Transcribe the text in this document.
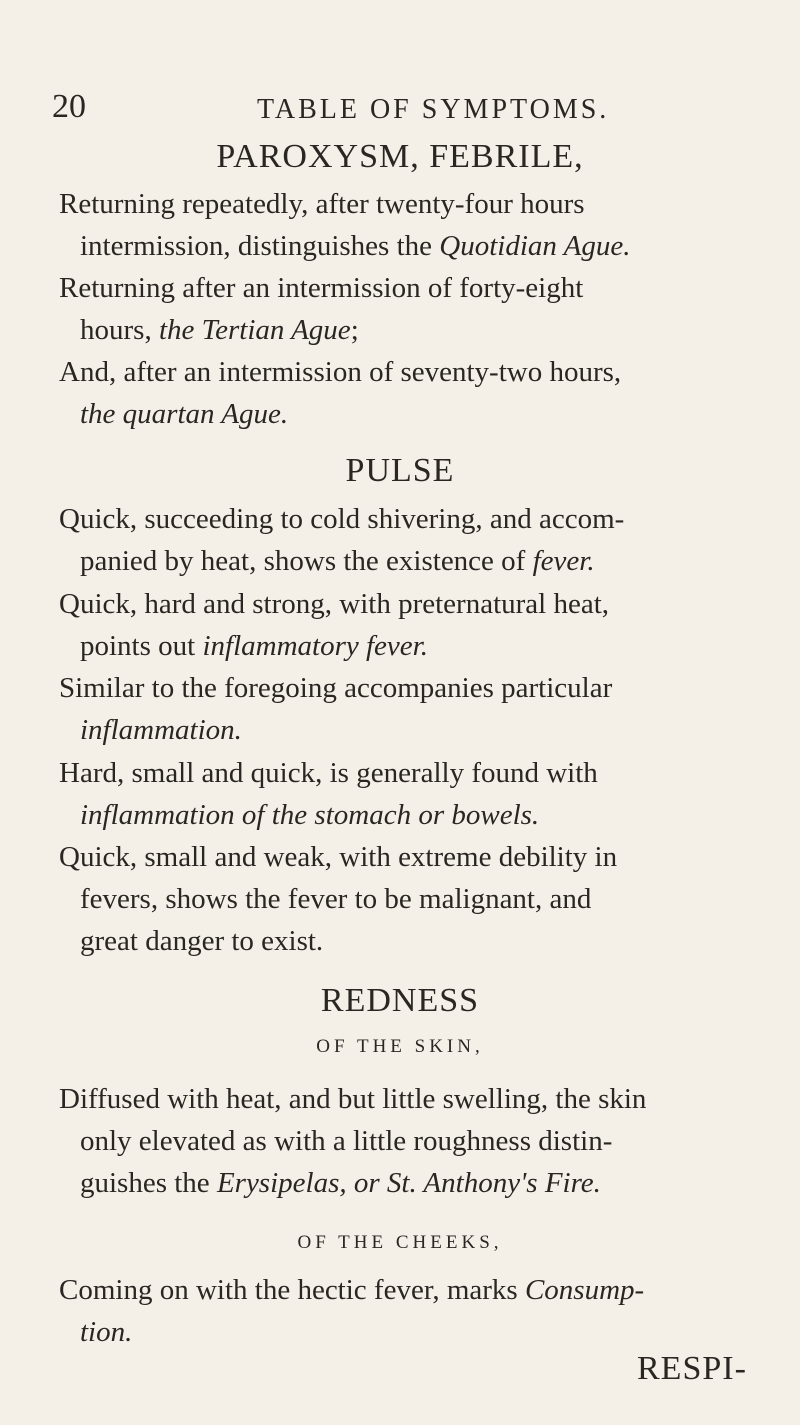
20	TABLE OF SYMPTOMS.
PAROXYSM, FEBRILE,
Returning repeatedly, after twenty-four hours
intermission, distinguishes the Quotidian Ague.
Returning after an intermission of forty-eight
hours, the Tertian Ague;
And, after an intermission of seventy-two hours,
the quartan Ague.
PULSE
Quick, succeeding to cold shivering, and accom-
panied by heat, shows the existence of fever.
Quick, hard and strong, with preternatural heat,
points out inflammatory fever.
Similar to the foregoing accompanies particular
inflammation.
Hard, small and quick, is generally found with
inflammation of the stomach or bowels.
Quick, small and weak, with extreme debility in
fevers, shows the fever to be malignant, and
great danger to exist.
REDNESS
OF THE SKIN,
Diffused with heat, and but little swelling, the skin
only elevated as with a little roughness distin-
guishes the Erysipelas, or St. Anthony's Fire.
OF THE CHEEKS,
Coming on with the hectic fever, marks Consump-
tion.
RESPI-
